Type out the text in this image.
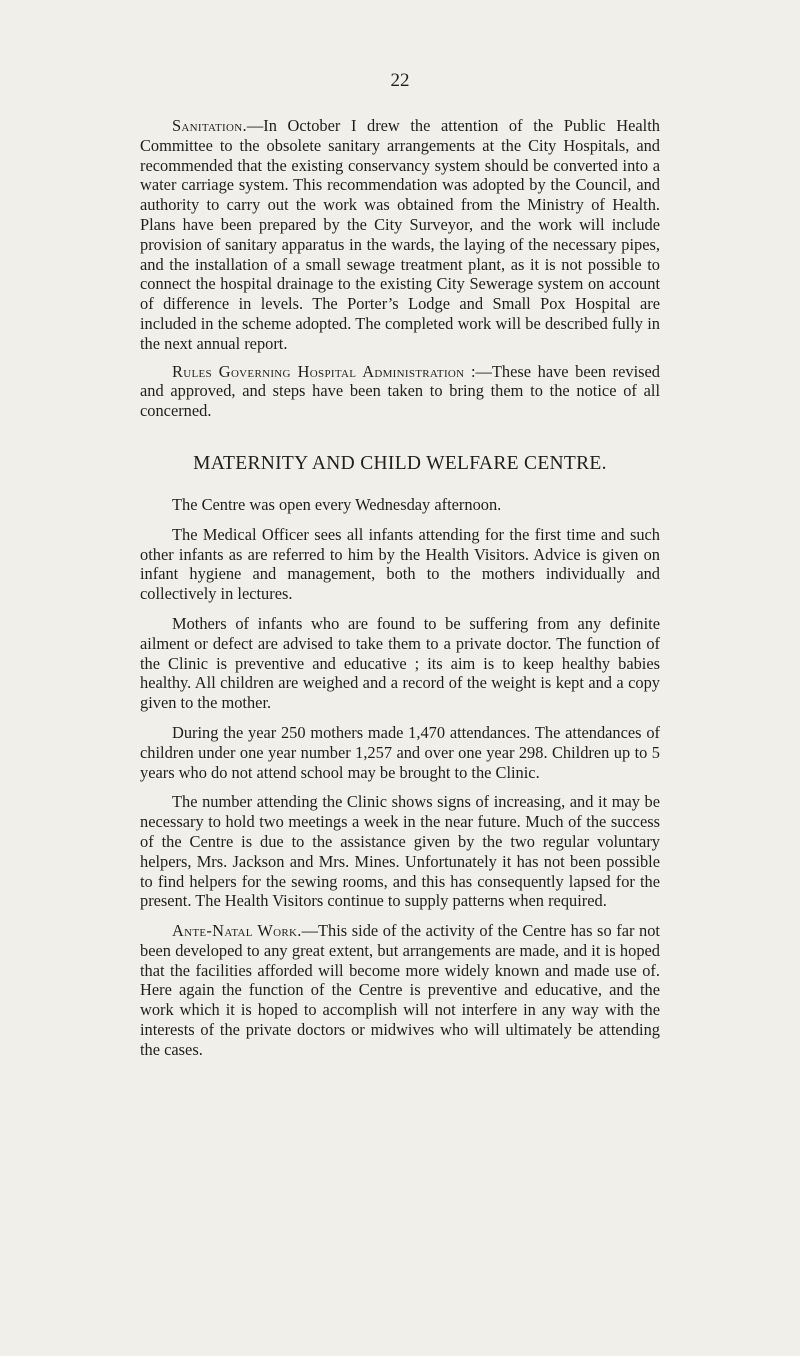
22

Sanitation.—In October I drew the attention of the Public Health Committee to the obsolete sanitary arrangements at the City Hospitals, and recommended that the existing conservancy system should be converted into a water carriage system. This recommendation was adopted by the Council, and authority to carry out the work was obtained from the Ministry of Health. Plans have been prepared by the City Surveyor, and the work will include provision of sanitary apparatus in the wards, the laying of the necessary pipes, and the installation of a small sewage treatment plant, as it is not possible to connect the hospital drainage to the existing City Sewerage system on account of difference in levels. The Porter’s Lodge and Small Pox Hospital are included in the scheme adopted. The completed work will be described fully in the next annual report.

Rules Governing Hospital Administration :—These have been revised and approved, and steps have been taken to bring them to the notice of all concerned.

MATERNITY AND CHILD WELFARE CENTRE.

The Centre was open every Wednesday afternoon.

The Medical Officer sees all infants attending for the first time and such other infants as are referred to him by the Health Visitors. Advice is given on infant hygiene and management, both to the mothers individually and collectively in lectures.

Mothers of infants who are found to be suffering from any definite ailment or defect are advised to take them to a private doctor. The function of the Clinic is preventive and educative ; its aim is to keep healthy babies healthy. All children are weighed and a record of the weight is kept and a copy given to the mother.

During the year 250 mothers made 1,470 attendances. The attendances of children under one year number 1,257 and over one year 298. Children up to 5 years who do not attend school may be brought to the Clinic.

The number attending the Clinic shows signs of increasing, and it may be necessary to hold two meetings a week in the near future. Much of the success of the Centre is due to the assistance given by the two regular voluntary helpers, Mrs. Jackson and Mrs. Mines. Unfortunately it has not been possible to find helpers for the sewing rooms, and this has consequently lapsed for the present. The Health Visitors continue to supply patterns when required.

Ante-Natal Work.—This side of the activity of the Centre has so far not been developed to any great extent, but arrangements are made, and it is hoped that the facilities afforded will become more widely known and made use of. Here again the function of the Centre is preventive and educative, and the work which it is hoped to accomplish will not interfere in any way with the interests of the private doctors or midwives who will ultimately be attending the cases.
